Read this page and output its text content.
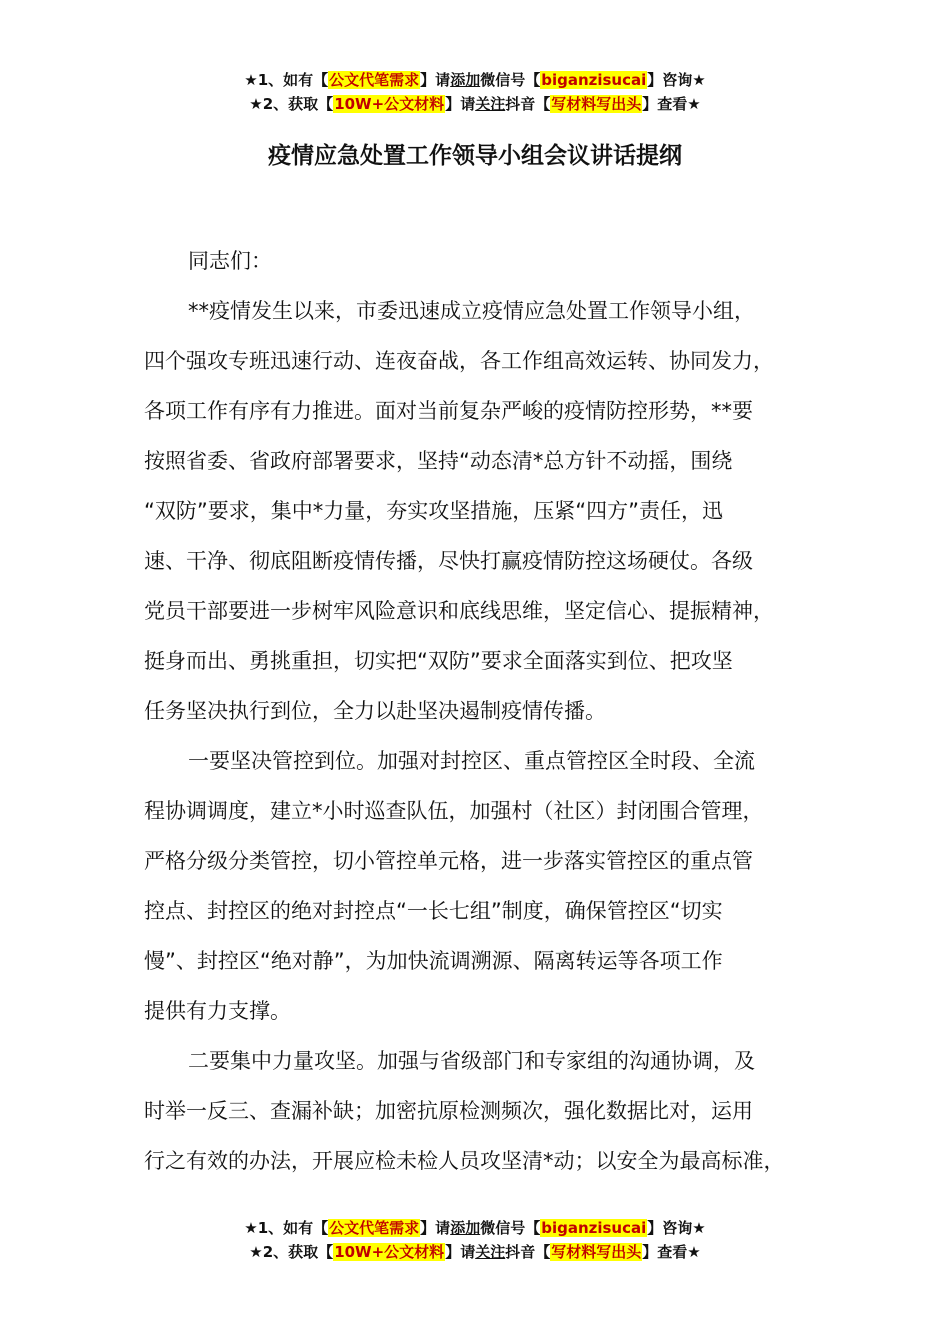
★1、如有【公文代笔需求】请添加微信号【biganzisucai】咨询★
★2、获取【10W+公文材料】请关注抖音【写材料写出头】查看★
疫情应急处置工作领导小组会议讲话提纲
同志们：
**疫情发生以来，市委迅速成立疫情应急处置工作领导小组，
四个强攻专班迅速行动、连夜奋战，各工作组高效运转、协同发力，
各项工作有序有力推进。面对当前复杂严峻的疫情防控形势，**要
按照省委、省政府部署要求，坚持“动态清*总方针不动摇，围绕
“双防”要求，集中*力量，夯实攻坚措施，压紧“四方”责任，迅
速、干净、彻底阻断疫情传播，尽快打赢疫情防控这场硬仗。各级
党员干部要进一步树牢风险意识和底线思维，坚定信心、提振精神，
挺身而出、勇挑重担，切实把“双防”要求全面落实到位、把攻坚
任务坚决执行到位，全力以赴坚决遏制疫情传播。
一要坚决管控到位。加强对封控区、重点管控区全时段、全流
程协调调度，建立*小时巡查队伍，加强村（社区）封闭围合管理，
严格分级分类管控，切小管控单元格，进一步落实管控区的重点管
控点、封控区的绝对封控点“一长七组”制度，确保管控区“切实
慢”、封控区“绝对静”，为加快流调溯源、隔离转运等各项工作
提供有力支撑。
二要集中力量攻坚。加强与省级部门和专家组的沟通协调，及
时举一反三、查漏补缺；加密抗原检测频次，强化数据比对，运用
行之有效的办法，开展应检未检人员攻坚清*动；以安全为最高标准，
★1、如有【公文代笔需求】请添加微信号【biganzisucai】咨询★
★2、获取【10W+公文材料】请关注抖音【写材料写出头】查看★
